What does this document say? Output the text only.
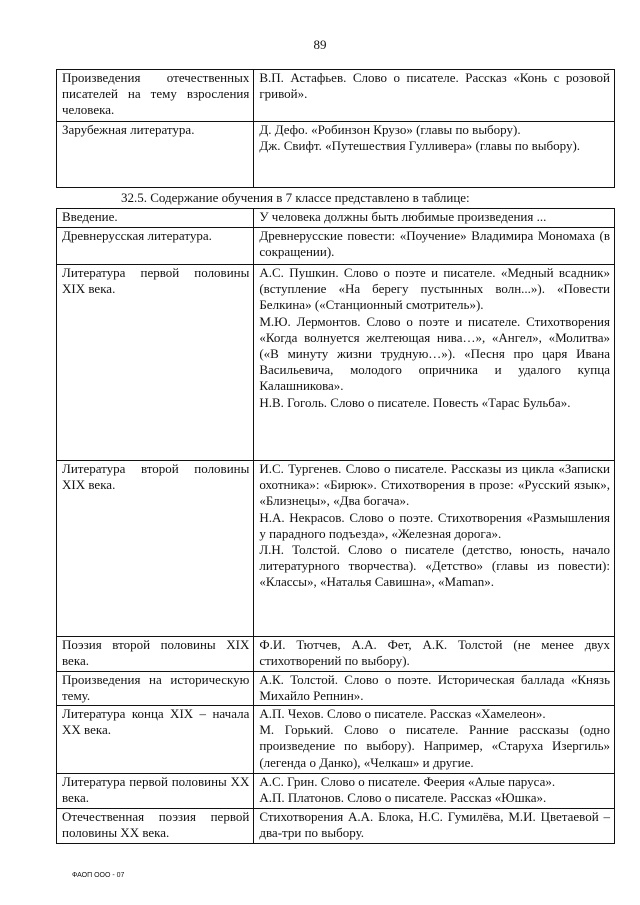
89
Произведения отечественных писателей на тему взросления человека.	В.П. Астафьев. Слово о писателе. Рассказ «Конь с розовой гривой».

Зарубежная литература.	Д. Дефо. «Робинзон Крузо» (главы по выбору).
Дж. Свифт. «Путешествия Гулливера» (главы по выбору).
32.5. Содержание обучения в 7 классе представлено в таблице:
Введение.	У человека должны быть любимые произведения ...

Древнерусская литература.	Древнерусские повести: «Поучение» Владимира Мономаха (в сокращении).

Литература первой половины XIX века.	А.С. Пушкин. Слово о поэте и писателе. «Медный всадник» (вступление «На берегу пустынных волн...»). «Повести Белкина» («Станционный смотритель»).
М.Ю. Лермонтов. Слово о поэте и писателе. Стихотворения «Когда волнуется желтеющая нива…», «Ангел», «Молитва» («В минуту жизни трудную…»). «Песня про царя Ивана Васильевича, молодого опричника и удалого купца Калашникова».
Н.В. Гоголь. Слово о писателе. Повесть «Тарас Бульба».

Литература второй половины XIX века.	И.С. Тургенев. Слово о писателе. Рассказы из цикла «Записки охотника»: «Бирюк». Стихотворения в прозе: «Русский язык», «Близнецы», «Два богача».
Н.А. Некрасов. Слово о поэте. Стихотворения «Размышления у парадного подъезда», «Железная дорога».
Л.Н. Толстой. Слово о писателе (детство, юность, начало литературного творчества). «Детство» (главы из повести): «Классы», «Наталья Савишна», «Maman».

Поэзия второй половины XIX века.	Ф.И. Тютчев, А.А. Фет, А.К. Толстой (не менее двух стихотворений по выбору).

Произведения на историческую тему.	А.К. Толстой. Слово о поэте. Историческая баллада «Князь Михайло Репнин».

Литература конца XIX – начала XX века.	А.П. Чехов. Слово о писателе. Рассказ «Хамелеон».
М. Горький. Слово о писателе. Ранние рассказы (одно произведение по выбору). Например, «Старуха Изергиль» (легенда о Данко), «Челкаш» и другие.

Литература первой половины XX века.	А.С. Грин. Слово о писателе. Феерия «Алые паруса».
А.П. Платонов. Слово о писателе. Рассказ «Юшка».

Отечественная поэзия первой половины XX века.	Стихотворения А.А. Блока, Н.С. Гумилёва, М.И. Цветаевой – два-три по выбору.
ФАОП ООО - 07
